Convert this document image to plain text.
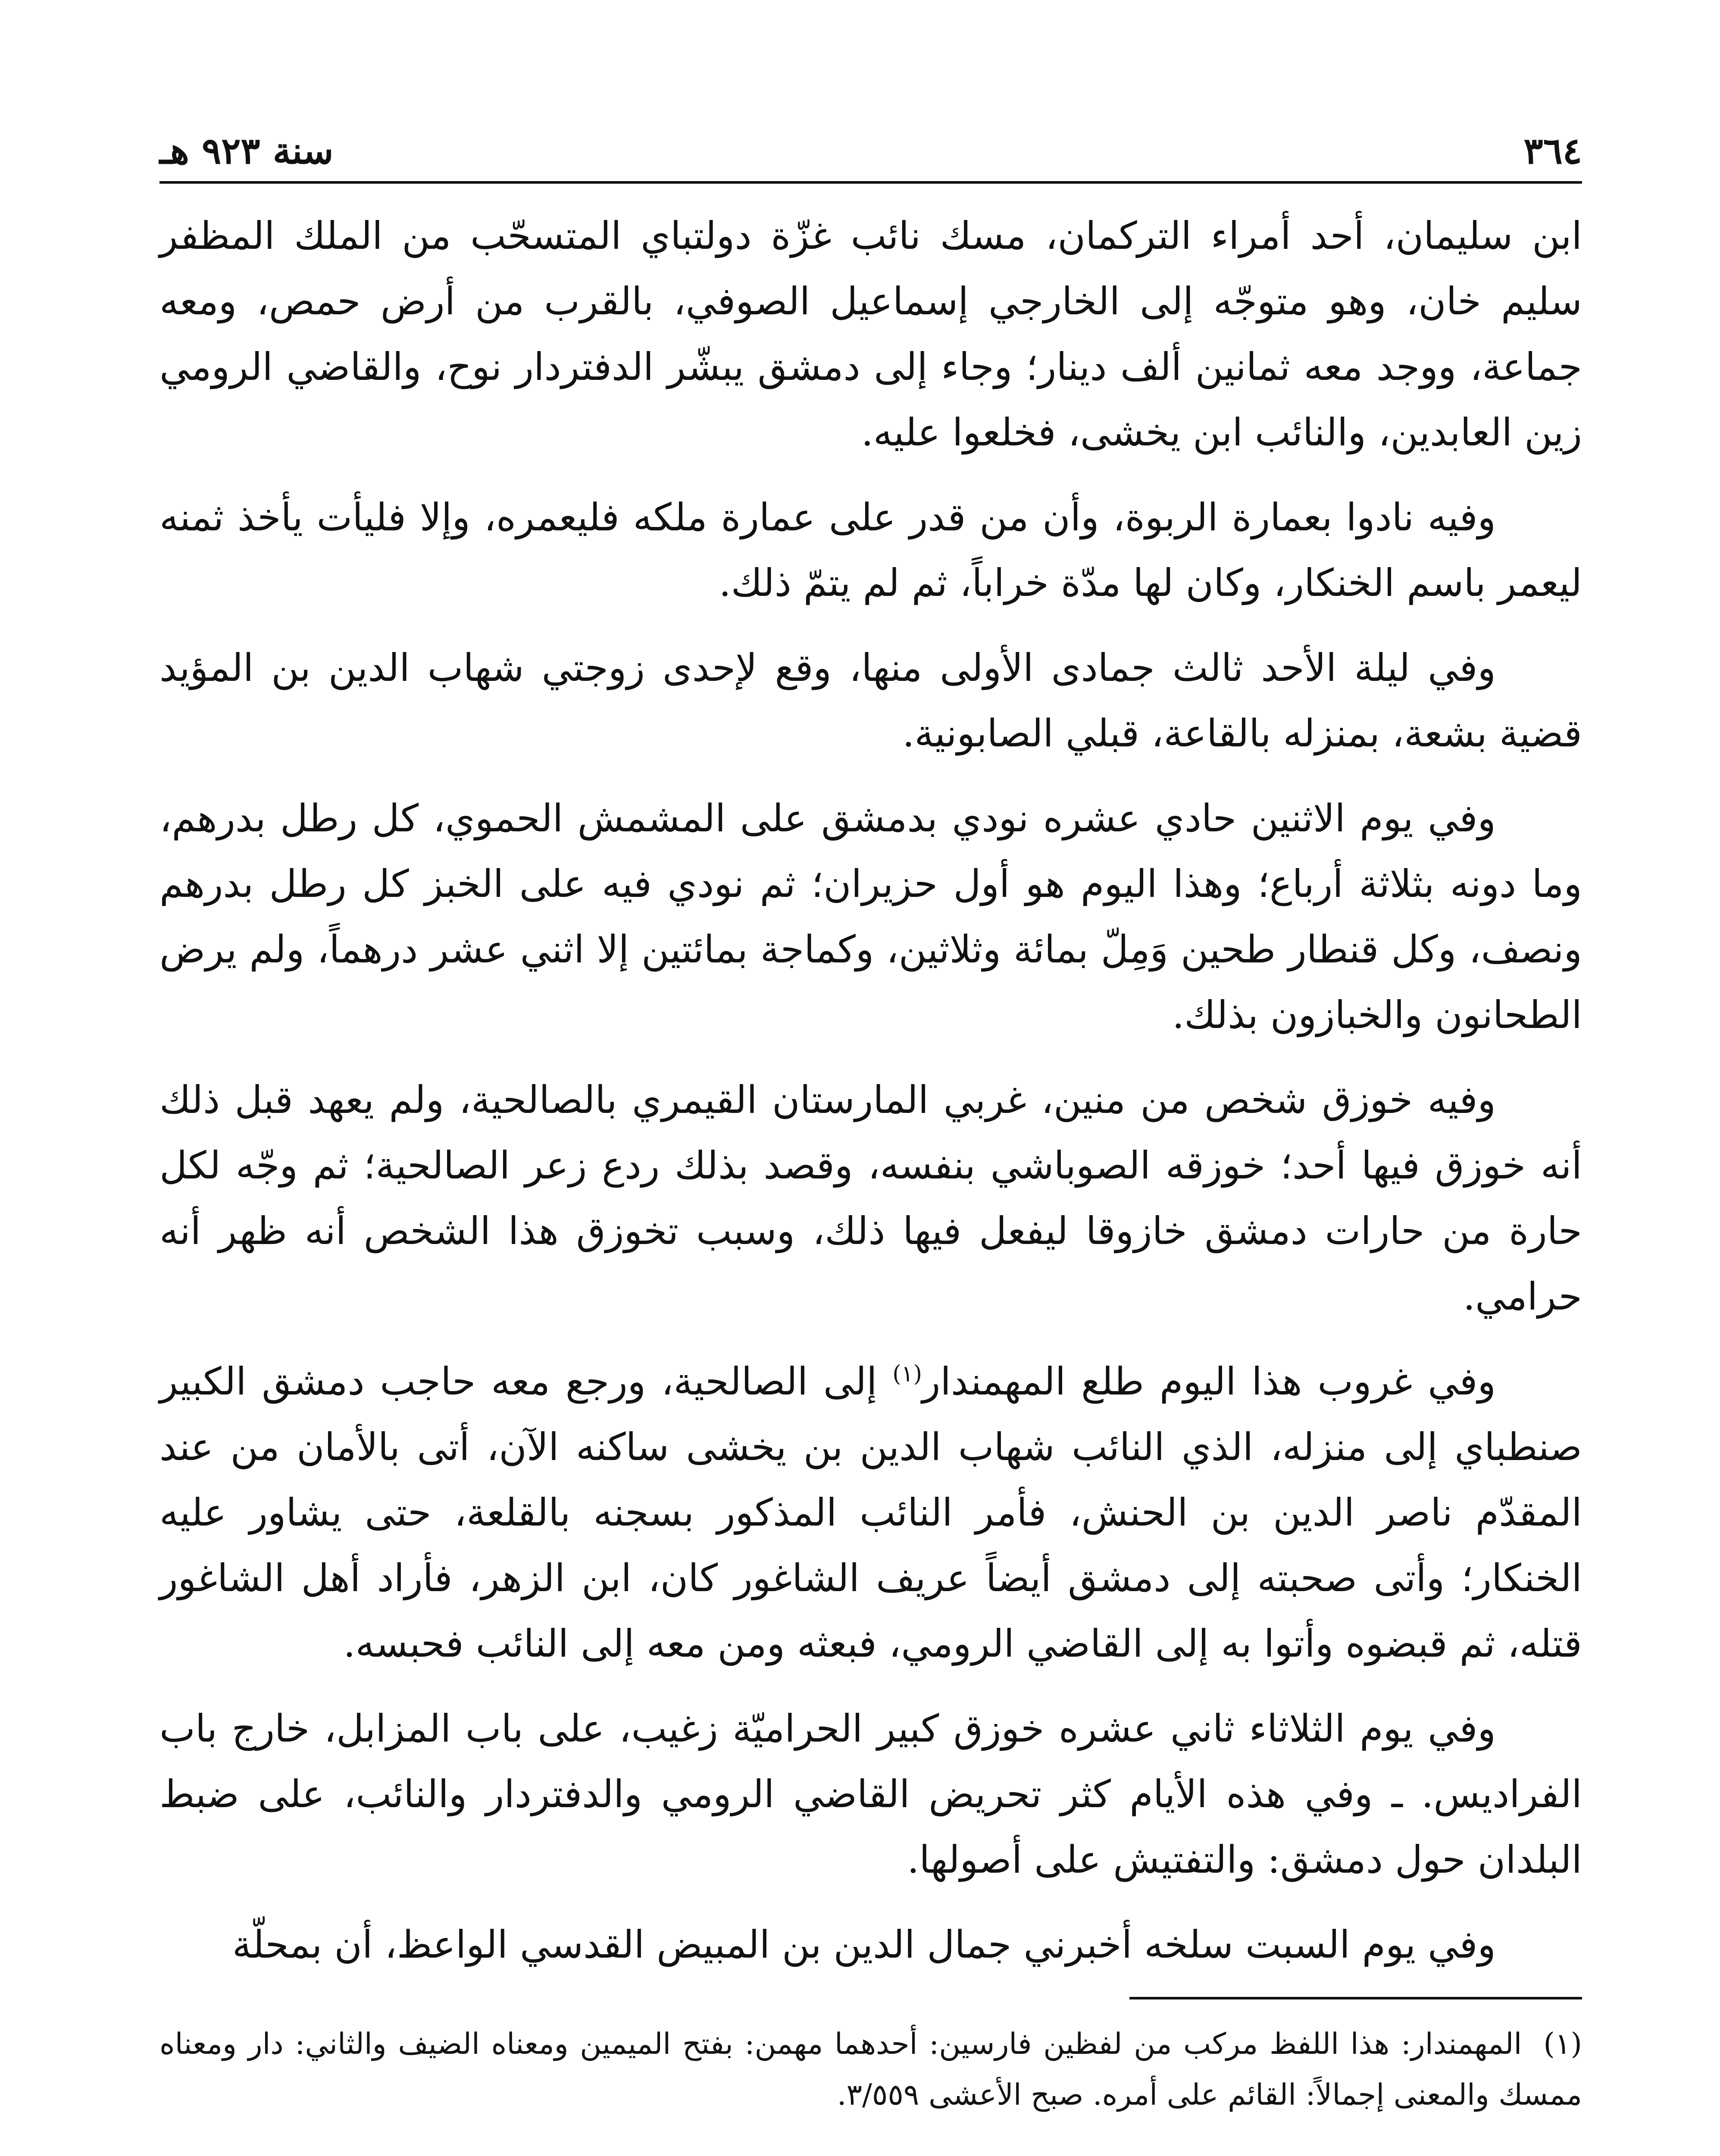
٣٦٤
سنة ٩٢٣ هـ

ابن سليمان، أحد أمراء التركمان، مسك نائب غزّة دولتباي المتسحّب من الملك المظفر سليم خان، وهو متوجّه إلى الخارجي إسماعيل الصوفي، بالقرب من أرض حمص، ومعه جماعة، ووجد معه ثمانين ألف دينار؛ وجاء إلى دمشق يبشّر الدفتردار نوح، والقاضي الرومي زين العابدين، والنائب ابن يخشى، فخلعوا عليه.

وفيه نادوا بعمارة الربوة، وأن من قدر على عمارة ملكه فليعمره، وإلا فليأت يأخذ ثمنه ليعمر باسم الخنكار، وكان لها مدّة خراباً، ثم لم يتمّ ذلك.

وفي ليلة الأحد ثالث جمادى الأولى منها، وقع لإحدى زوجتي شهاب الدين بن المؤيد قضية بشعة، بمنزله بالقاعة، قبلي الصابونية.

وفي يوم الاثنين حادي عشره نودي بدمشق على المشمش الحموي، كل رطل بدرهم، وما دونه بثلاثة أرباع؛ وهذا اليوم هو أول حزيران؛ ثم نودي فيه على الخبز كل رطل بدرهم ونصف، وكل قنطار طحين وَمِلّ بمائة وثلاثين، وكماجة بمائتين إلا اثني عشر درهماً، ولم يرض الطحانون والخبازون بذلك.

وفيه خوزق شخص من منين، غربي المارستان القيمري بالصالحية، ولم يعهد قبل ذلك أنه خوزق فيها أحد؛ خوزقه الصوباشي بنفسه، وقصد بذلك ردع زعر الصالحية؛ ثم وجّه لكل حارة من حارات دمشق خازوقا ليفعل فيها ذلك، وسبب تخوزق هذا الشخص أنه ظهر أنه حرامي.

وفي غروب هذا اليوم طلع المهمندار$^{(١)}$ إلى الصالحية، ورجع معه حاجب دمشق الكبير صنطباي إلى منزله، الذي النائب شهاب الدين بن يخشى ساكنه الآن، أتى بالأمان من عند المقدّم ناصر الدين بن الحنش، فأمر النائب المذكور بسجنه بالقلعة، حتى يشاور عليه الخنكار؛ وأتى صحبته إلى دمشق أيضاً عريف الشاغور كان، ابن الزهر، فأراد أهل الشاغور قتله، ثم قبضوه وأتوا به إلى القاضي الرومي، فبعثه ومن معه إلى النائب فحبسه.

وفي يوم الثلاثاء ثاني عشره خوزق كبير الحراميّة زغيب، على باب المزابل، خارج باب الفراديس. ـ وفي هذه الأيام كثر تحريض القاضي الرومي والدفتردار والنائب، على ضبط البلدان حول دمشق: والتفتيش على أصولها.

وفي يوم السبت سلخه أخبرني جمال الدين بن المبيض القدسي الواعظ، أن بمحلّة

(١)المهمندار: هذا اللفظ مركب من لفظين فارسين: أحدهما مهمن: بفتح الميمين ومعناه الضيف والثاني: دار ومعناه ممسك والمعنى إجمالاً: القائم على أمره. صبح الأعشى ٣/٥٥٩.
